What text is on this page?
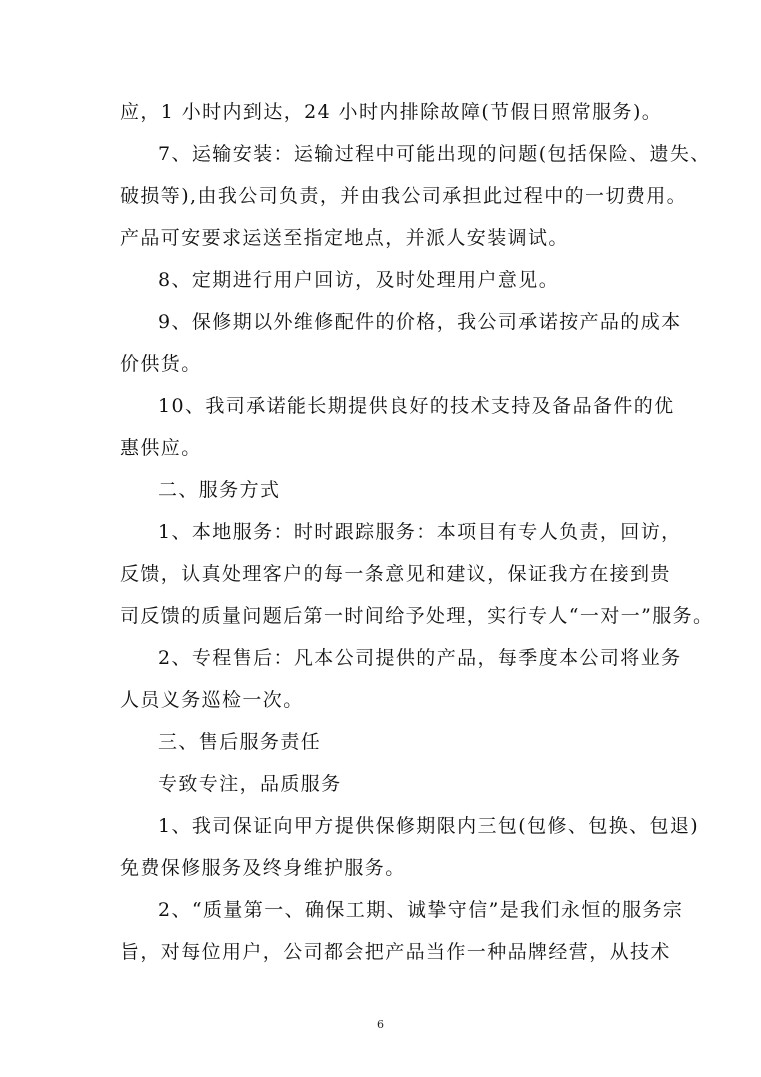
应，1 小时内到达，24 小时内排除故障(节假日照常服务)。
7、运输安装：运输过程中可能出现的问题(包括保险、遗失、
破损等),由我公司负责，并由我公司承担此过程中的一切费用。
产品可安要求运送至指定地点，并派人安装调试。
8、定期进行用户回访，及时处理用户意见。
9、保修期以外维修配件的价格，我公司承诺按产品的成本
价供货。
10、我司承诺能长期提供良好的技术支持及备品备件的优
惠供应。
二、服务方式
1、本地服务：时时跟踪服务：本项目有专人负责，回访，
反馈，认真处理客户的每一条意见和建议，保证我方在接到贵
司反馈的质量问题后第一时间给予处理，实行专人“一对一”服务。
2、专程售后：凡本公司提供的产品，每季度本公司将业务
人员义务巡检一次。
三、售后服务责任
专致专注，品质服务
1、我司保证向甲方提供保修期限内三包(包修、包换、包退)
免费保修服务及终身维护服务。
2、“质量第一、确保工期、诚挚守信”是我们永恒的服务宗
旨，对每位用户，公司都会把产品当作一种品牌经营，从技术
6
